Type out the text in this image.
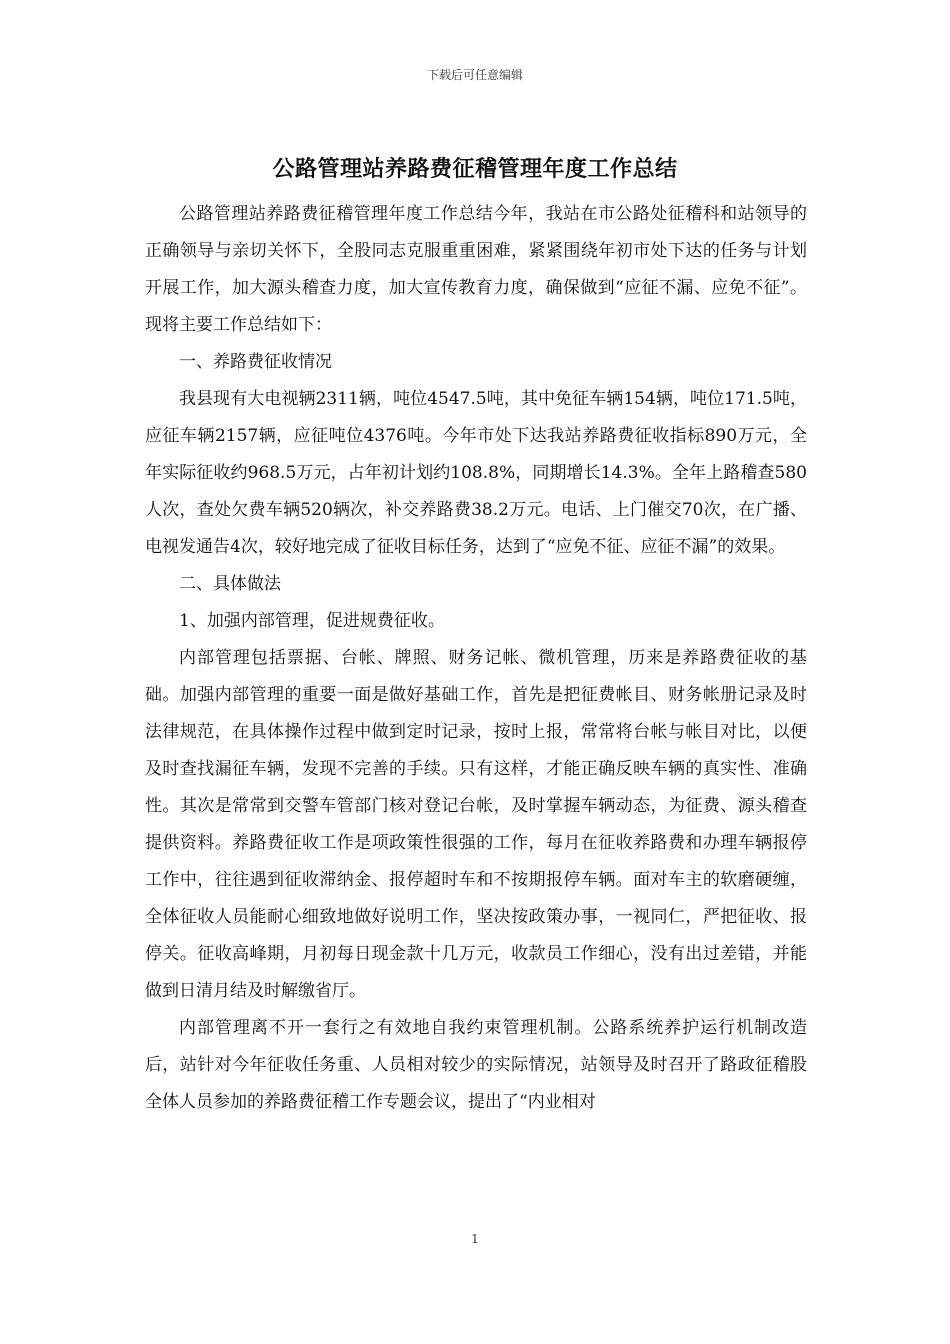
下载后可任意编辑
公路管理站养路费征稽管理年度工作总结

公路管理站养路费征稽管理年度工作总结今年，我站在市公路处征稽科和站领导的正确领导与亲切关怀下，全股同志克服重重困难，紧紧围绕年初市处下达的任务与计划开展工作，加大源头稽查力度，加大宣传教育力度，确保做到“应征不漏、应免不征”。现将主要工作总结如下：

一、养路费征收情况

我县现有大电视辆2311辆，吨位4547.5吨，其中免征车辆154辆，吨位171.5吨，应征车辆2157辆，应征吨位4376吨。今年市处下达我站养路费征收指标890万元，全年实际征收约968.5万元，占年初计划约108.8%，同期增长14.3%。全年上路稽查580人次，查处欠费车辆520辆次，补交养路费38.2万元。电话、上门催交70次，在广播、电视发通告4次，较好地完成了征收目标任务，达到了“应免不征、应征不漏”的效果。

二、具体做法

1、加强内部管理，促进规费征收。

内部管理包括票据、台帐、牌照、财务记帐、微机管理，历来是养路费征收的基础。加强内部管理的重要一面是做好基础工作，首先是把征费帐目、财务帐册记录及时法律规范，在具体操作过程中做到定时记录，按时上报，常常将台帐与帐目对比，以便及时查找漏征车辆，发现不完善的手续。只有这样，才能正确反映车辆的真实性、准确性。其次是常常到交警车管部门核对登记台帐，及时掌握车辆动态，为征费、源头稽查提供资料。养路费征收工作是项政策性很强的工作，每月在征收养路费和办理车辆报停工作中，往往遇到征收滞纳金、报停超时车和不按期报停车辆。面对车主的软磨硬缠，全体征收人员能耐心细致地做好说明工作，坚决按政策办事，一视同仁，严把征收、报停关。征收高峰期，月初每日现金款十几万元，收款员工作细心，没有出过差错，并能做到日清月结及时解缴省厅。

内部管理离不开一套行之有效地自我约束管理机制。公路系统养护运行机制改造后，站针对今年征收任务重、人员相对较少的实际情况，站领导及时召开了路政征稽股全体人员参加的养路费征稽工作专题会议，提出了“内业相对

1
